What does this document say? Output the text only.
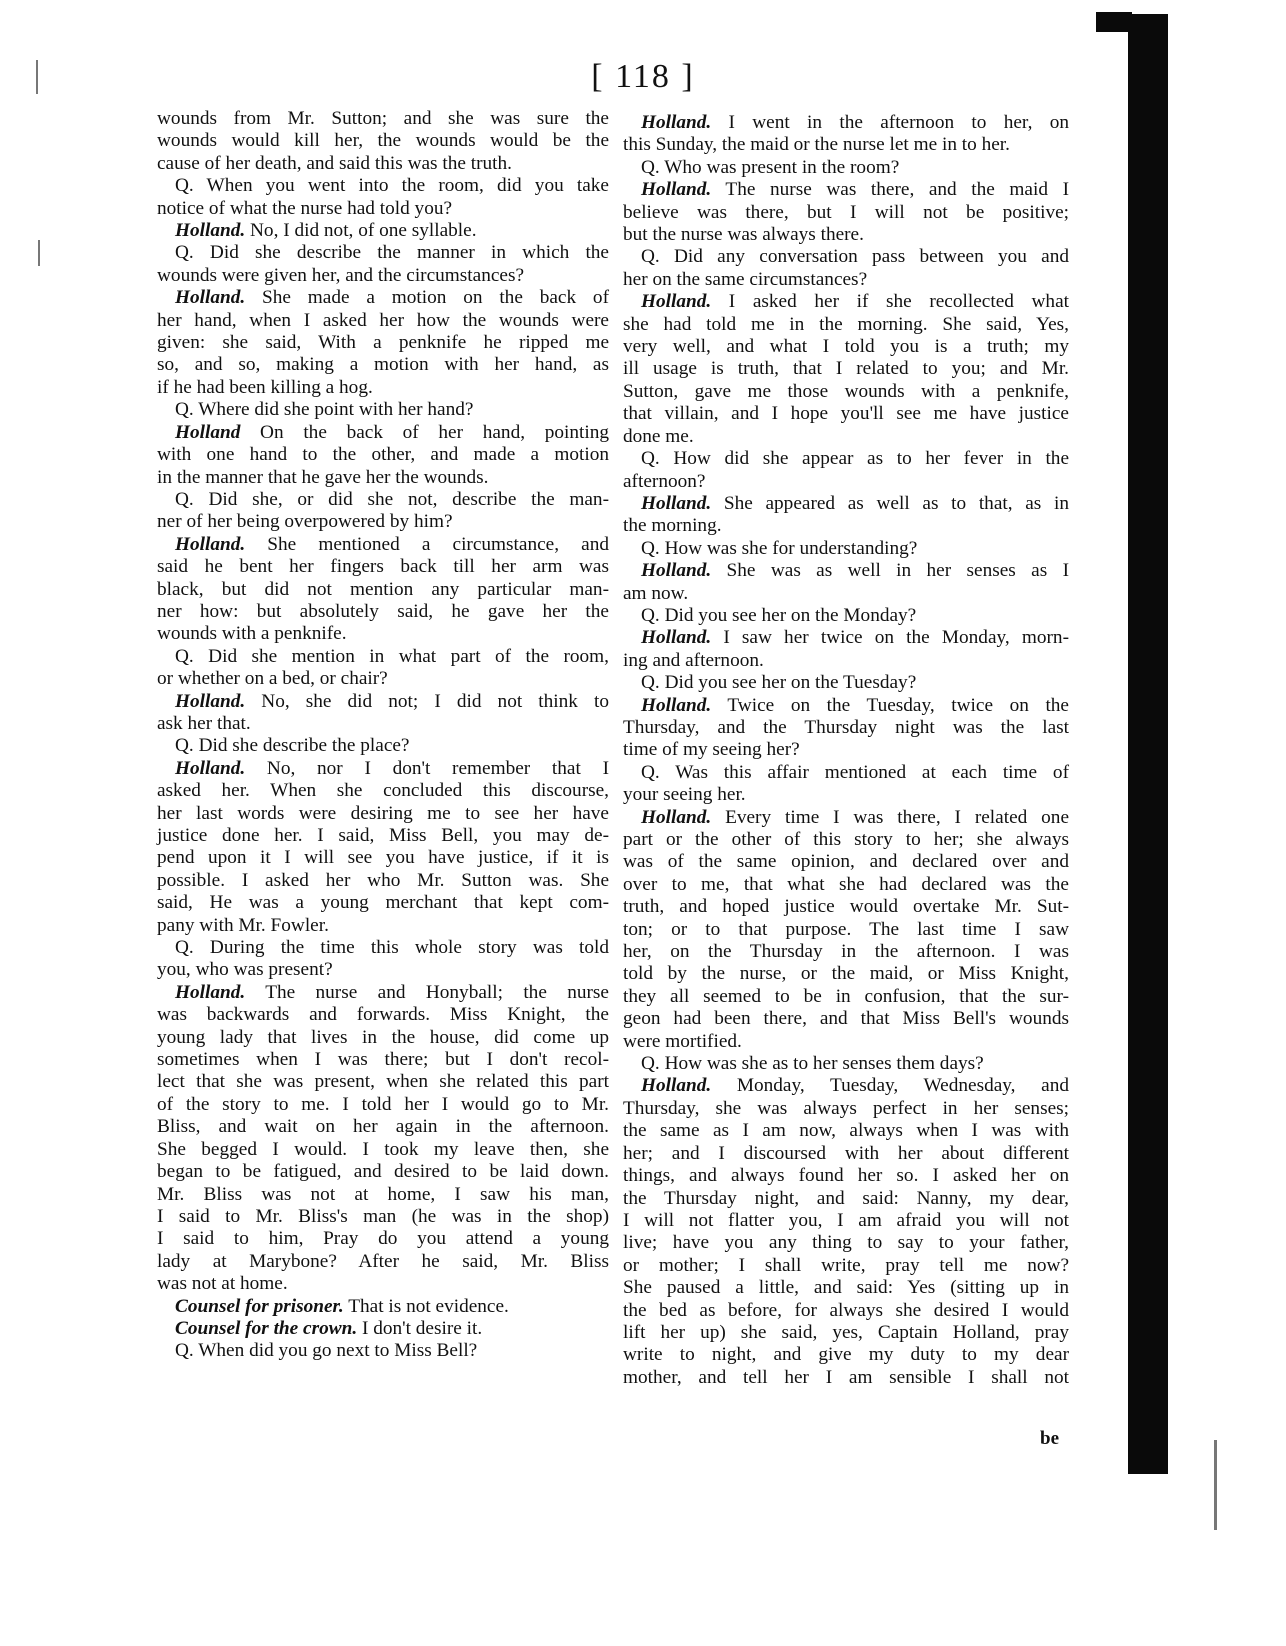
[ 118 ]
wounds from Mr. Sutton; and she was sure the
wounds would kill her, the wounds would be the
cause of her death, and said this was the truth.
Q. When you went into the room, did you take
notice of what the nurse had told you?
Holland. No, I did not, of one syllable.
Q. Did she describe the manner in which the
wounds were given her, and the circumstances?
Holland. She made a motion on the back of
her hand, when I asked her how the wounds were
given: she said, With a penknife he ripped me
so, and so, making a motion with her hand, as
if he had been killing a hog.
Q. Where did she point with her hand?
Holland On the back of her hand, pointing
with one hand to the other, and made a motion
in the manner that he gave her the wounds.
Q. Did she, or did she not, describe the man-
ner of her being overpowered by him?
Holland. She mentioned a circumstance, and
said he bent her fingers back till her arm was
black, but did not mention any particular man-
ner how: but absolutely said, he gave her the
wounds with a penknife.
Q. Did she mention in what part of the room,
or whether on a bed, or chair?
Holland. No, she did not; I did not think to
ask her that.
Q. Did she describe the place?
Holland. No, nor I don't remember that I
asked her. When she concluded this discourse,
her last words were desiring me to see her have
justice done her. I said, Miss Bell, you may de-
pend upon it I will see you have justice, if it is
possible. I asked her who Mr. Sutton was. She
said, He was a young merchant that kept com-
pany with Mr. Fowler.
Q. During the time this whole story was told
you, who was present?
Holland. The nurse and Honyball; the nurse
was backwards and forwards. Miss Knight, the
young lady that lives in the house, did come up
sometimes when I was there; but I don't recol-
lect that she was present, when she related this part
of the story to me. I told her I would go to Mr.
Bliss, and wait on her again in the afternoon.
She begged I would. I took my leave then, she
began to be fatigued, and desired to be laid down.
Mr. Bliss was not at home, I saw his man,
I said to Mr. Bliss's man (he was in the shop)
I said to him, Pray do you attend a young
lady at Marybone? After he said, Mr. Bliss
was not at home.
Counsel for prisoner. That is not evidence.
Counsel for the crown. I don't desire it.
Q. When did you go next to Miss Bell?
Holland. I went in the afternoon to her, on
this Sunday, the maid or the nurse let me in to her.
Q. Who was present in the room?
Holland. The nurse was there, and the maid I
believe was there, but I will not be positive;
but the nurse was always there.
Q. Did any conversation pass between you and
her on the same circumstances?
Holland. I asked her if she recollected what
she had told me in the morning. She said, Yes,
very well, and what I told you is a truth; my
ill usage is truth, that I related to you; and Mr.
Sutton, gave me those wounds with a penknife,
that villain, and I hope you'll see me have justice
done me.
Q. How did she appear as to her fever in the
afternoon?
Holland. She appeared as well as to that, as in
the morning.
Q. How was she for understanding?
Holland. She was as well in her senses as I
am now.
Q. Did you see her on the Monday?
Holland. I saw her twice on the Monday, morn-
ing and afternoon.
Q. Did you see her on the Tuesday?
Holland. Twice on the Tuesday, twice on the
Thursday, and the Thursday night was the last
time of my seeing her?
Q. Was this affair mentioned at each time of
your seeing her.
Holland. Every time I was there, I related one
part or the other of this story to her; she always
was of the same opinion, and declared over and
over to me, that what she had declared was the
truth, and hoped justice would overtake Mr. Sut-
ton; or to that purpose. The last time I saw
her, on the Thursday in the afternoon. I was
told by the nurse, or the maid, or Miss Knight,
they all seemed to be in confusion, that the sur-
geon had been there, and that Miss Bell's wounds
were mortified.
Q. How was she as to her senses them days?
Holland. Monday, Tuesday, Wednesday, and
Thursday, she was always perfect in her senses;
the same as I am now, always when I was with
her; and I discoursed with her about different
things, and always found her so. I asked her on
the Thursday night, and said: Nanny, my dear,
I will not flatter you, I am afraid you will not
live; have you any thing to say to your father,
or mother; I shall write, pray tell me now?
She paused a little, and said: Yes (sitting up in
the bed as before, for always she desired I would
lift her up) she said, yes, Captain Holland, pray
write to night, and give my duty to my dear
mother, and tell her I am sensible I shall not
be
